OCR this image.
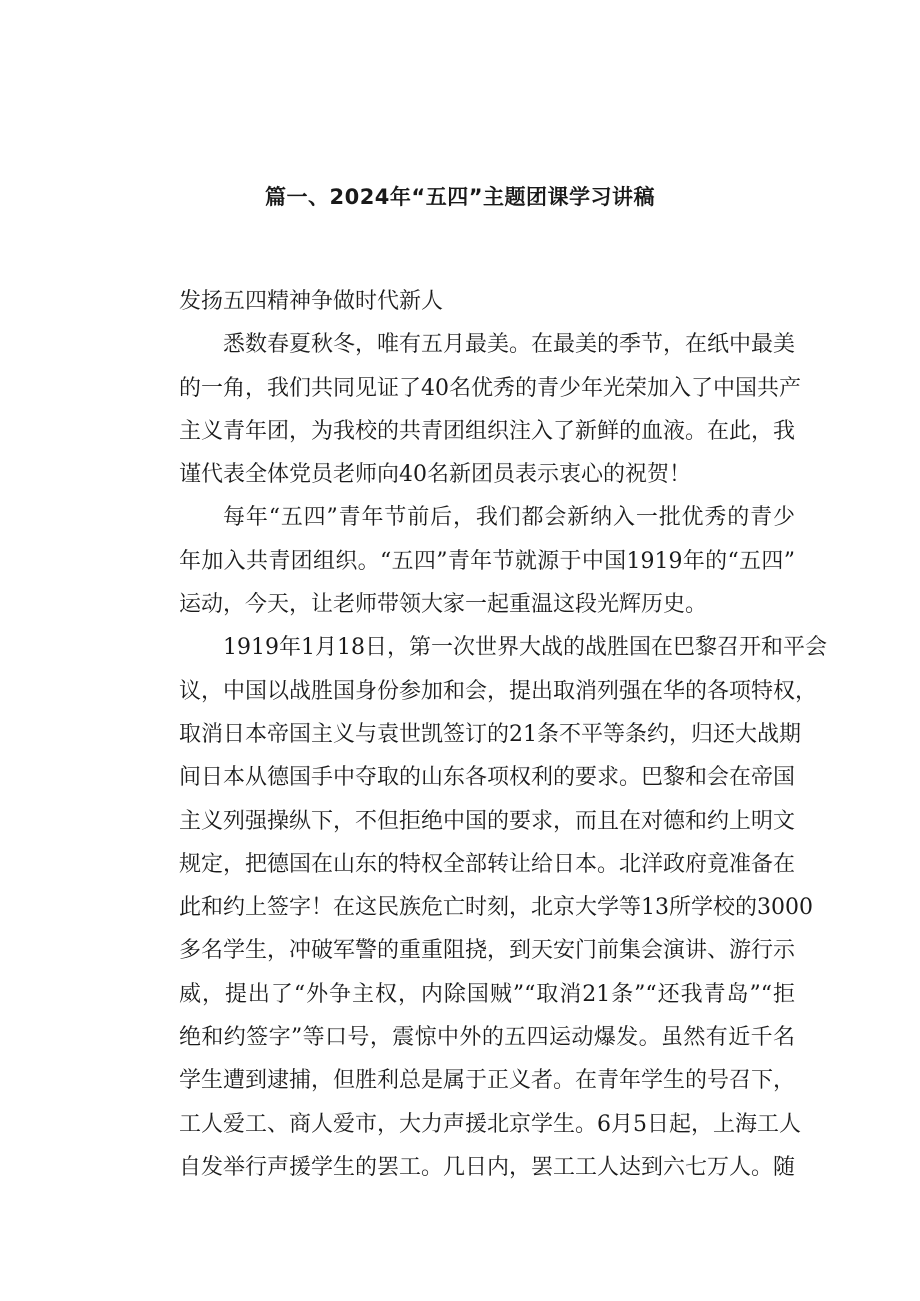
篇一、2024年“五四”主题团课学习讲稿
发扬五四精神争做时代新人
悉数春夏秋冬，唯有五月最美。在最美的季节，在纸中最美
的一角，我们共同见证了40名优秀的青少年光荣加入了中国共产
主义青年团，为我校的共青团组织注入了新鲜的血液。在此，我
谨代表全体党员老师向40名新团员表示衷心的祝贺！
每年“五四”青年节前后，我们都会新纳入一批优秀的青少
年加入共青团组织。“五四”青年节就源于中国1919年的“五四”
运动，今天，让老师带领大家一起重温这段光辉历史。
1919年1月18日，第一次世界大战的战胜国在巴黎召开和平会
议，中国以战胜国身份参加和会，提出取消列强在华的各项特权，
取消日本帝国主义与袁世凯签订的21条不平等条约，归还大战期
间日本从德国手中夺取的山东各项权利的要求。巴黎和会在帝国
主义列强操纵下，不但拒绝中国的要求，而且在对德和约上明文
规定，把德国在山东的特权全部转让给日本。北洋政府竟准备在
此和约上签字！在这民族危亡时刻，北京大学等13所学校的3000
多名学生，冲破军警的重重阻挠，到天安门前集会演讲、游行示
威，提出了“外争主权，内除国贼”“取消21条”“还我青岛”“拒
绝和约签字”等口号，震惊中外的五四运动爆发。虽然有近千名
学生遭到逮捕，但胜利总是属于正义者。在青年学生的号召下，
工人爱工、商人爱市，大力声援北京学生。6月5日起，上海工人
自发举行声援学生的罢工。几日内，罢工工人达到六七万人。随
